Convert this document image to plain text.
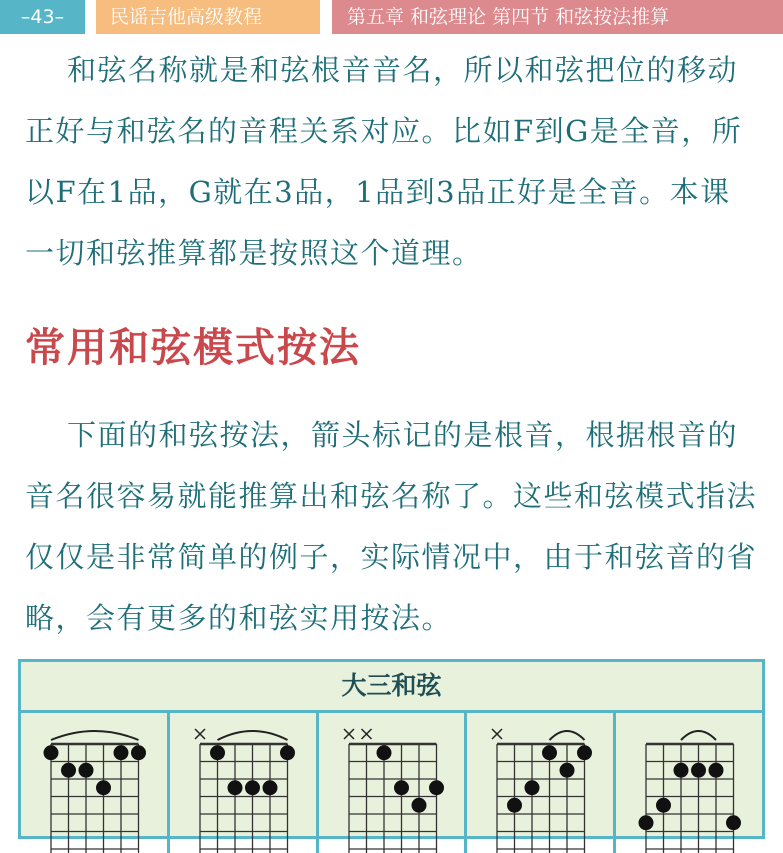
–43–	民谣吉他高级教程	第五章 和弦理论 第四节 和弦按法推算

和弦名称就是和弦根音音名，所以和弦把位的移动正好与和弦名的音程关系对应。比如F到G是全音，所以F在1品，G就在3品，1品到3品正好是全音。本课一切和弦推算都是按照这个道理。

常用和弦模式按法

下面的和弦按法，箭头标记的是根音，根据根音的音名很容易就能推算出和弦名称了。这些和弦模式指法仅仅是非常简单的例子，实际情况中，由于和弦音的省略，会有更多的和弦实用按法。

大三和弦
